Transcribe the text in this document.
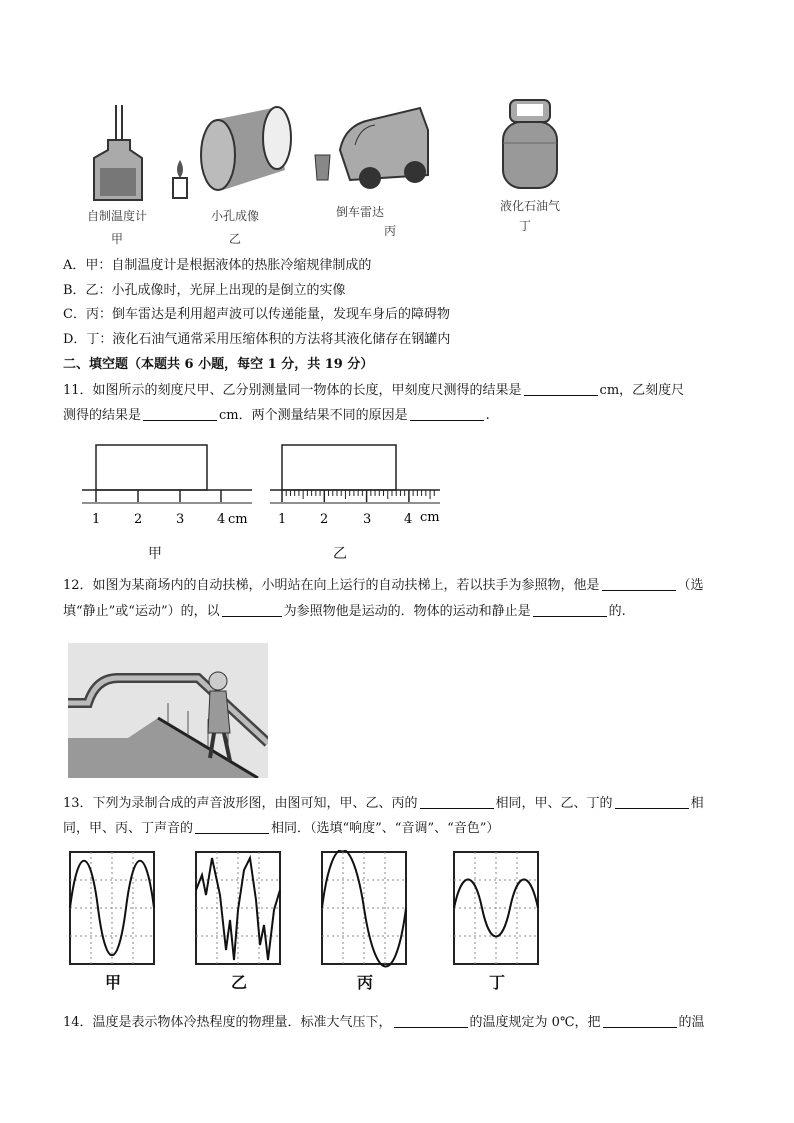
自制温度计
甲
小孔成像
乙
倒车雷达
丙
液化石油气
丁
A．甲：自制温度计是根据液体的热胀冷缩规律制成的
B．乙：小孔成像时，光屏上出现的是倒立的实像
C．丙：倒车雷达是利用超声波可以传递能量，发现车身后的障碍物
D．丁：液化石油气通常采用压缩体积的方法将其液化储存在钢罐内
二、填空题（本题共 6 小题，每空 1 分，共 19 分）
11．如图所示的刻度尺甲、乙分别测量同一物体的长度，甲刻度尺测得的结果是	cm，乙刻度尺
测得的结果是	cm．两个测量结果不同的原因是	.
1	2	3	4 cm
甲
1	2	3	4 cm
乙
12．如图为某商场内的自动扶梯，小明站在向上运行的自动扶梯上，若以扶手为参照物，他是	（选
填“静止”或“运动”）的，以	为参照物他是运动的．物体的运动和静止是	的.
13．下列为录制合成的声音波形图，由图可知，甲、乙、丙的	相同，甲、乙、丁的	相
同，甲、丙、丁声音的	相同．（选填“响度”、“音调”、“音色”）
甲	乙	丙	丁
14．温度是表示物体冷热程度的物理量．标准大气压下，	的温度规定为 0℃，把	的温
